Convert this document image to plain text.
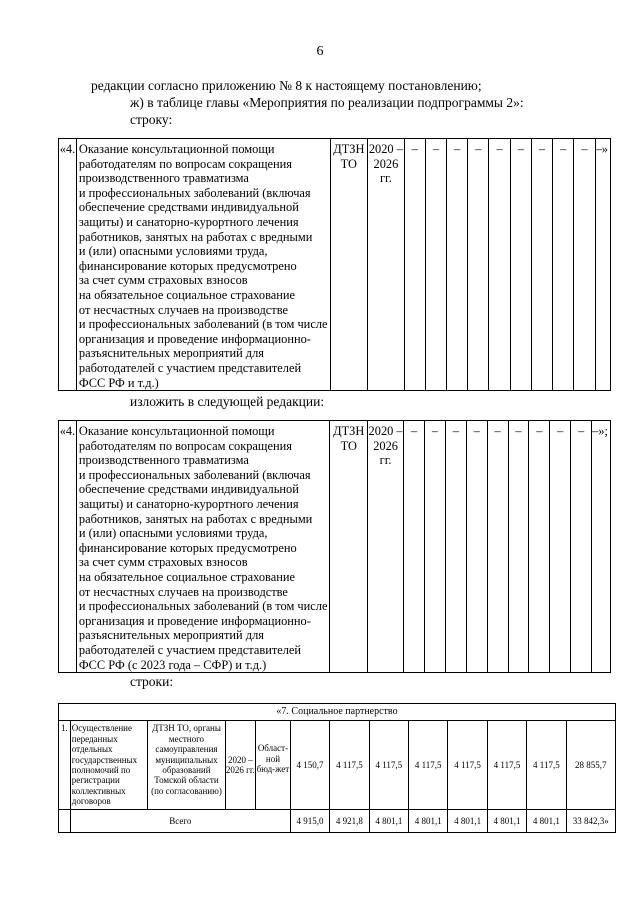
6
редакции согласно приложению № 8 к настоящему постановлению;
ж) в таблице главы «Мероприятия по реализации подпрограммы 2»:
строку:
«4.	Оказание консультационной помощи
работодателям по вопросам сокращения
производственного травматизма
и профессиональных заболеваний (включая
обеспечение средствами индивидуальной
защиты) и санаторно-курортного лечения
работников, занятых на работах с вредными
и (или) опасными условиями труда,
финансирование которых предусмотрено
за счет сумм страховых взносов
на обязательное социальное страхование
от несчастных случаев на производстве
и профессиональных заболеваний (в том числе
организация и проведение информационно-
разъяснительных мероприятий для
работодателей с участием представителей
ФСС РФ и т.д.)
	ДТЗН ТО	2020 – 2026 гг.	–	–	–	–	–	–	–	–	–	–»
изложить в следующей редакции:
«4.	Оказание консультационной помощи
работодателям по вопросам сокращения
производственного травматизма
и профессиональных заболеваний (включая
обеспечение средствами индивидуальной
защиты) и санаторно-курортного лечения
работников, занятых на работах с вредными
и (или) опасными условиями труда,
финансирование которых предусмотрено
за счет сумм страховых взносов
на обязательное социальное страхование
от несчастных случаев на производстве
и профессиональных заболеваний (в том числе
организация и проведение информационно-
разъяснительных мероприятий для
работодателей с участием представителей
ФСС РФ (с 2023 года – СФР) и т.д.)
	ДТЗН ТО	2020 – 2026 гг.	–	–	–	–	–	–	–	–	–	–»;
строки:
«7. Социальное партнерство												
1.	Осуществление переданных отдельных государственных полномочий по регистрации коллективных договоров	ДТЗН ТО, органы местного самоуправления муниципальных образований Томской области
(по согласованию)	2020 – 2026 гг.	Област-ной бюд-жет	4 150,7	4 117,5	4 117,5	4 117,5	4 117,5	4 117,5	4 117,5	28 855,7
	Всего				4 915,0	4 921,8	4 801,1	4 801,1	4 801,1	4 801,1	4 801,1	33 842,3»
